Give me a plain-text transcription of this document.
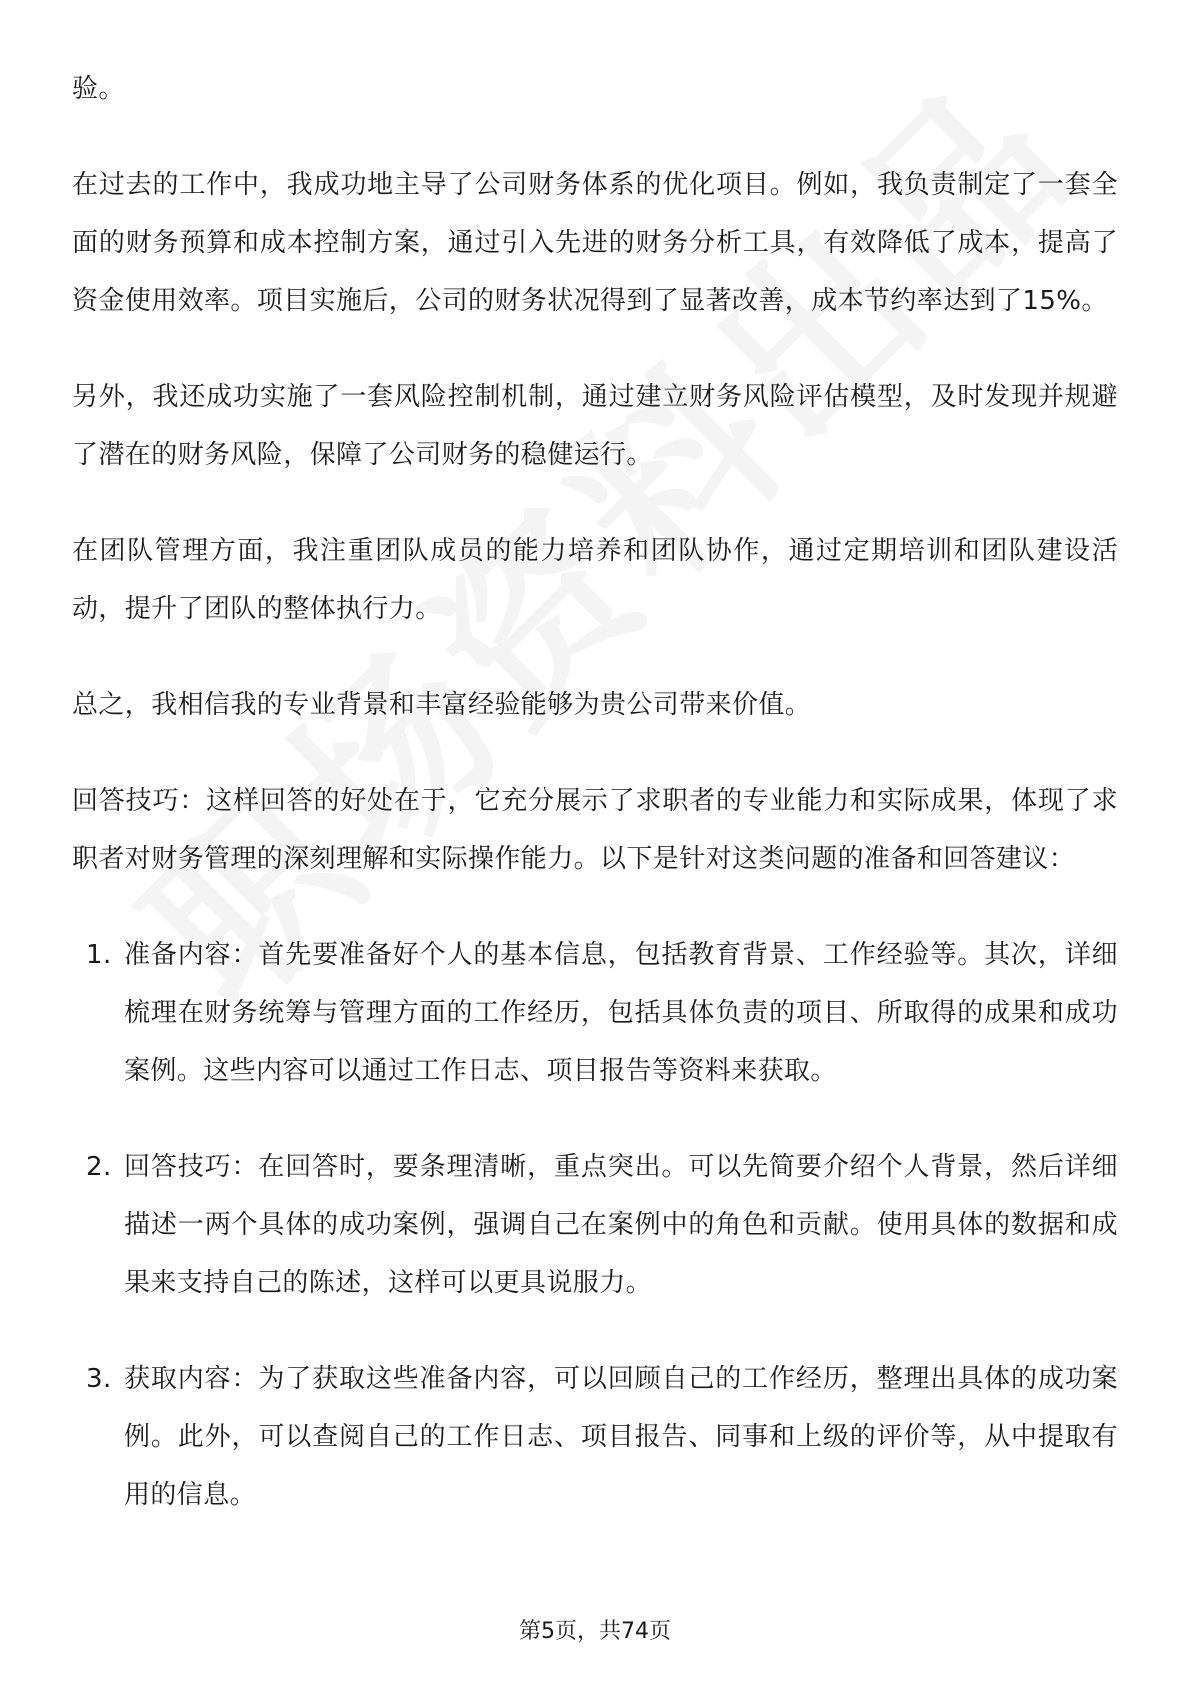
验。

在过去的工作中，我成功地主导了公司财务体系的优化项目。例如，我负责制定了一套全面的财务预算和成本控制方案，通过引入先进的财务分析工具，有效降低了成本，提高了资金使用效率。项目实施后，公司的财务状况得到了显著改善，成本节约率达到了15%。

另外，我还成功实施了一套风险控制机制，通过建立财务风险评估模型，及时发现并规避了潜在的财务风险，保障了公司财务的稳健运行。

在团队管理方面，我注重团队成员的能力培养和团队协作，通过定期培训和团队建设活动，提升了团队的整体执行力。

总之，我相信我的专业背景和丰富经验能够为贵公司带来价值。

回答技巧：这样回答的好处在于，它充分展示了求职者的专业能力和实际成果，体现了求职者对财务管理的深刻理解和实际操作能力。以下是针对这类问题的准备和回答建议：

1. 准备内容：首先要准备好个人的基本信息，包括教育背景、工作经验等。其次，详细梳理在财务统筹与管理方面的工作经历，包括具体负责的项目、所取得的成果和成功案例。这些内容可以通过工作日志、项目报告等资料来获取。
2. 回答技巧：在回答时，要条理清晰，重点突出。可以先简要介绍个人背景，然后详细描述一两个具体的成功案例，强调自己在案例中的角色和贡献。使用具体的数据和成果来支持自己的陈述，这样可以更具说服力。
3. 获取内容：为了获取这些准备内容，可以回顾自己的工作经历，整理出具体的成功案例。此外，可以查阅自己的工作日志、项目报告、同事和上级的评价等，从中提取有用的信息。
第5页，共74页
